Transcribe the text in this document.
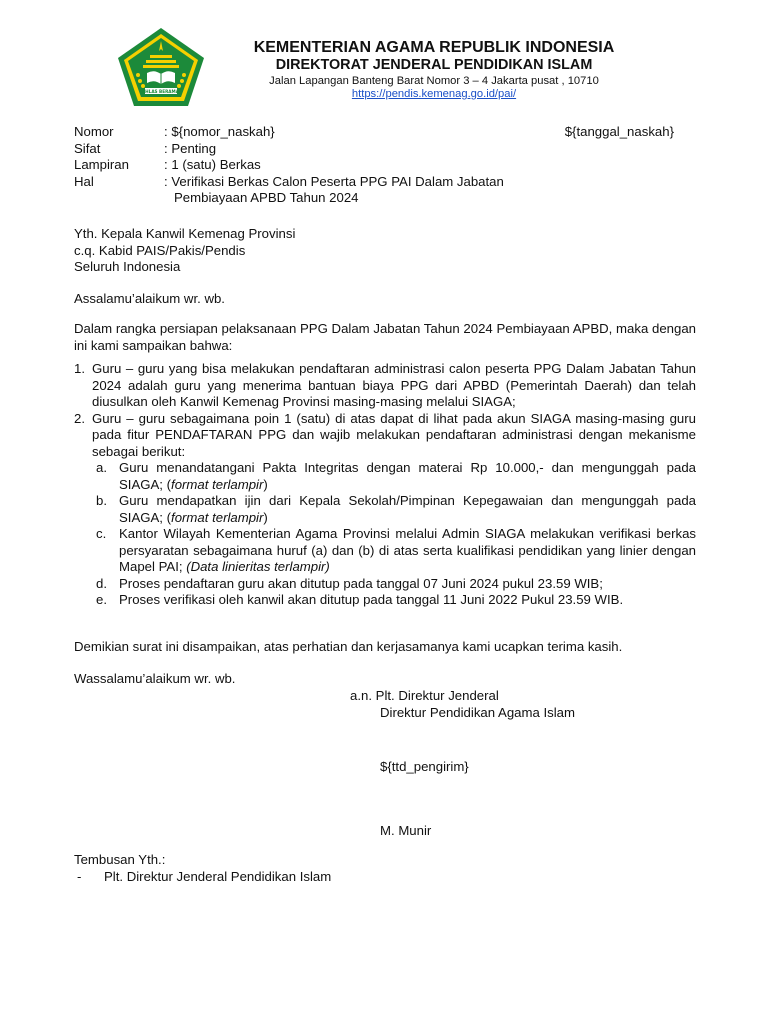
IKHLAS BERAMAL
KEMENTERIAN AGAMA REPUBLIK INDONESIA
DIREKTORAT JENDERAL PENDIDIKAN ISLAM
Jalan Lapangan Banteng Barat Nomor 3 – 4 Jakarta pusat , 10710
https://pendis.kemenag.go.id/pai/
Nomor	: ${nomor_naskah}	${tanggal_naskah}
Sifat	: Penting
Lampiran	: 1 (satu) Berkas
Hal	: Verifikasi Berkas Calon Peserta PPG PAI Dalam Jabatan
Pembiayaan APBD Tahun 2024
Yth. Kepala Kanwil Kemenag Provinsi
c.q. Kabid PAIS/Pakis/Pendis
Seluruh Indonesia
Assalamu’alaikum wr. wb.
Dalam rangka persiapan pelaksanaan PPG Dalam Jabatan Tahun 2024 Pembiayaan APBD, maka dengan ini kami sampaikan bahwa:
1. Guru – guru yang bisa melakukan pendaftaran administrasi calon peserta PPG Dalam Jabatan Tahun 2024 adalah guru yang menerima bantuan biaya PPG dari APBD (Pemerintah Daerah) dan telah diusulkan oleh Kanwil Kemenag Provinsi masing-masing melalui SIAGA;
2. Guru – guru sebagaimana poin 1 (satu) di atas dapat di lihat pada akun SIAGA masing-masing guru pada fitur PENDAFTARAN PPG dan wajib melakukan pendaftaran administrasi dengan mekanisme sebagai berikut:
a. Guru menandatangani Pakta Integritas dengan materai Rp 10.000,- dan mengunggah pada SIAGA; (format terlampir)
b. Guru mendapatkan ijin dari Kepala Sekolah/Pimpinan Kepegawaian dan mengunggah pada SIAGA; (format terlampir)
c. Kantor Wilayah Kementerian Agama Provinsi melalui Admin SIAGA melakukan verifikasi berkas persyaratan sebagaimana huruf (a) dan (b) di atas serta kualifikasi pendidikan yang linier dengan Mapel PAI; (Data linieritas terlampir)
d. Proses pendaftaran guru akan ditutup pada tanggal 07 Juni 2024 pukul 23.59 WIB;
e. Proses verifikasi oleh kanwil akan ditutup pada tanggal 11 Juni 2022 Pukul 23.59 WIB.
Demikian surat ini disampaikan, atas perhatian dan kerjasamanya kami ucapkan terima kasih.
Wassalamu’alaikum wr. wb.
a.n. Plt. Direktur Jenderal
Direktur Pendidikan Agama Islam
${ttd_pengirim}
M. Munir
Tembusan Yth.:
-	Plt. Direktur Jenderal Pendidikan Islam
